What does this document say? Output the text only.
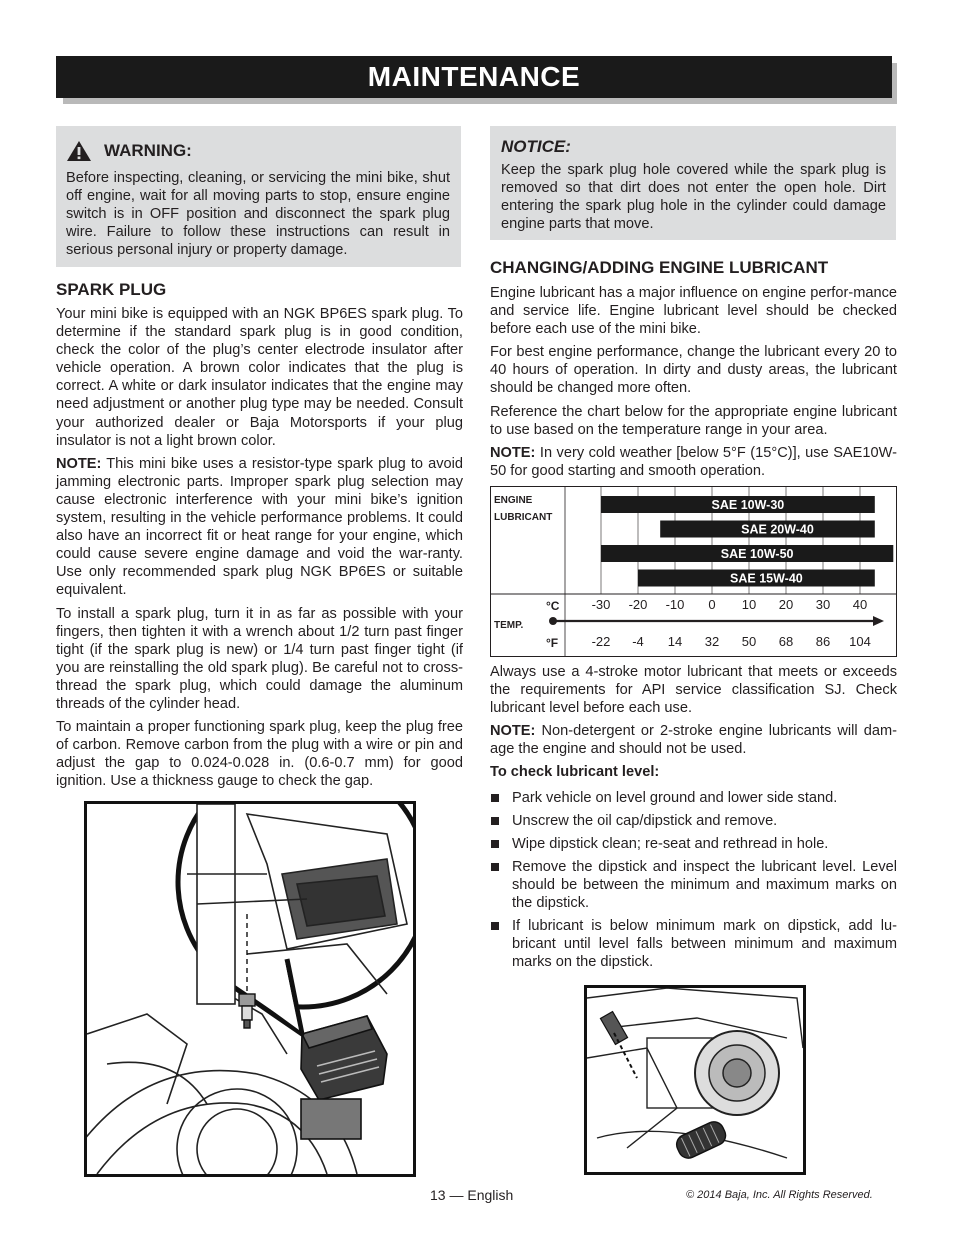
MAINTENANCE
WARNING:
Before inspecting, cleaning, or servicing the mini bike, shut off engine, wait for all moving parts to stop, ensure engine switch is in OFF position and disconnect the spark plug wire. Failure to follow these instructions can result in serious personal injury or property damage.
NOTICE:
Keep the spark plug hole covered while the spark plug is removed so that dirt does not enter the open hole. Dirt entering the spark plug hole in the cylinder could damage engine parts that move.
SPARK PLUG

Your mini bike is equipped with an NGK BP6ES spark plug. To determine if the standard spark plug is in good condition, check the color of the plug’s center electrode insulator after vehicle operation. A brown color indicates that the plug is correct. A white or dark insulator indicates that the engine may need adjustment or another plug type may be needed. Consult your authorized dealer or Baja Motorsports if your plug insulator is not a light brown color.

NOTE: This mini bike uses a resistor-type spark plug to avoid jamming electronic parts. Improper spark plug selection may cause electronic interference with your mini bike’s ignition system, resulting in the vehicle performance problems. It could also have an incorrect fit or heat range for your engine, which could cause severe engine damage and void the war-ranty. Use only recommended spark plug NGK BP6ES or suitable equivalent.

To install a spark plug, turn it in as far as possible with your fingers, then tighten it with a wrench about 1/2 turn past finger tight (if the spark plug is new) or 1/4 turn past finger tight (if you are reinstalling the old spark plug). Be careful not to cross-thread the spark plug, which could damage the aluminum threads of the cylinder head.

To maintain a proper functioning spark plug, keep the plug free of carbon. Remove carbon from the plug with a wire or pin and adjust the gap to 0.024-0.028 in. (0.6-0.7 mm) for good ignition. Use a thickness gauge to check the gap.

CHANGING/ADDING ENGINE LUBRICANT

Engine lubricant has a major influence on engine perfor-mance and service life. Engine lubricant level should be checked before each use of the mini bike.

For best engine performance, change the lubricant every 20 to 40 hours of operation. In dirty and dusty areas, the lubricant should be changed more often.

Reference the chart below for the appropriate engine lubricant to use based on the temperature range in your area.

NOTE: In very cold weather [below 5°F (15°C)], use SAE10W-50 for good starting and smooth operation.

SAE 10W-30
SAE 20W-40
SAE 10W-50
SAE 15W-40
ENGINE
LUBRICANT
TEMP.
°C
°F
-30
-22
-20
-4
-10
14
0
32
10
50
20
68
30
86
40
104

Always use a 4-stroke motor lubricant that meets or exceeds the requirements for API service classification SJ. Check lubricant level before each use.

NOTE: Non-detergent or 2-stroke engine lubricants will dam-age the engine and should not be used.

To check lubricant level:

Park vehicle on level ground and lower side stand.
Unscrew the oil cap/dipstick and remove.
Wipe dipstick clean; re-seat and rethread in hole.
Remove the dipstick and inspect the lubricant level. Level should be between the minimum and maximum marks on the dipstick.
If lubricant is below minimum mark on dipstick, add lu-bricant until level falls between minimum and maximum marks on the dipstick.
13 — English	© 2014 Baja, Inc. All Rights Reserved.
